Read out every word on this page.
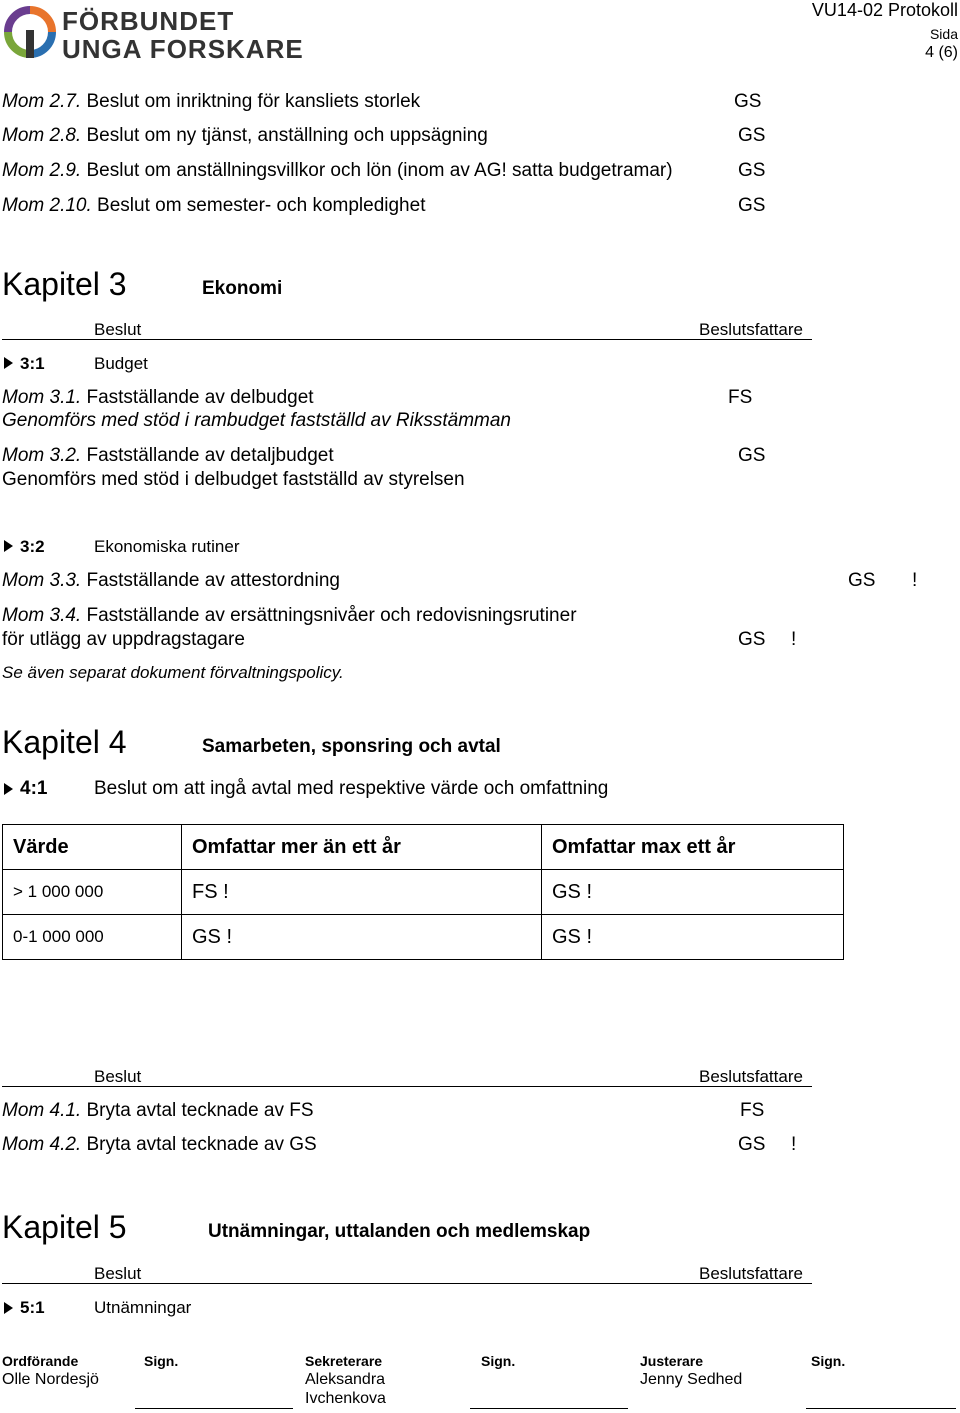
FÖRBUNDET
UNGA FORSKARE
VU14-02 Protokoll
Sida
4 (6)
Mom 2.7. Beslut om inriktning för kansliets storlek	GS
Mom 2.8. Beslut om ny tjänst, anställning och uppsägning	GS
Mom 2.9. Beslut om anställningsvillkor och lön (inom av AG! satta budgetramar)	GS
Mom 2.10. Beslut om semester- och kompledighet	GS
Kapitel 3	Ekonomi
Beslut	Beslutsfattare
3:1	Budget
Mom 3.1. Fastställande av delbudget	FS
Genomförs med stöd i rambudget fastställd av Riksstämman
Mom 3.2. Fastställande av detaljbudget	GS
Genomförs med stöd i delbudget fastställd av styrelsen
3:2	Ekonomiska rutiner
Mom 3.3. Fastställande av attestordning	GS !
Mom 3.4. Fastställande av ersättningsnivåer och redovisningsrutiner
för utlägg av uppdragstagare	GS !
Se även separat dokument förvaltningspolicy.
Kapitel 4	Samarbeten, sponsring och avtal
4:1 Beslut om att ingå avtal med respektive värde och omfattning
Värde	Omfattar mer än ett år	Omfattar max ett år
> 1 000 000	FS !	GS !
0-1 000 000	GS !	GS !
Beslut	Beslutsfattare
Mom 4.1. Bryta avtal tecknade av FS	FS
Mom 4.2. Bryta avtal tecknade av GS	GS !
Kapitel 5	Utnämningar, uttalanden och medlemskap
Beslut	Beslutsfattare
5:1	Utnämningar
Ordförande	Sign.
Olle Nordesjö
Sekreterare	Sign.
Aleksandra
Ivchenkova
Justerare	Sign.
Jenny Sedhed
